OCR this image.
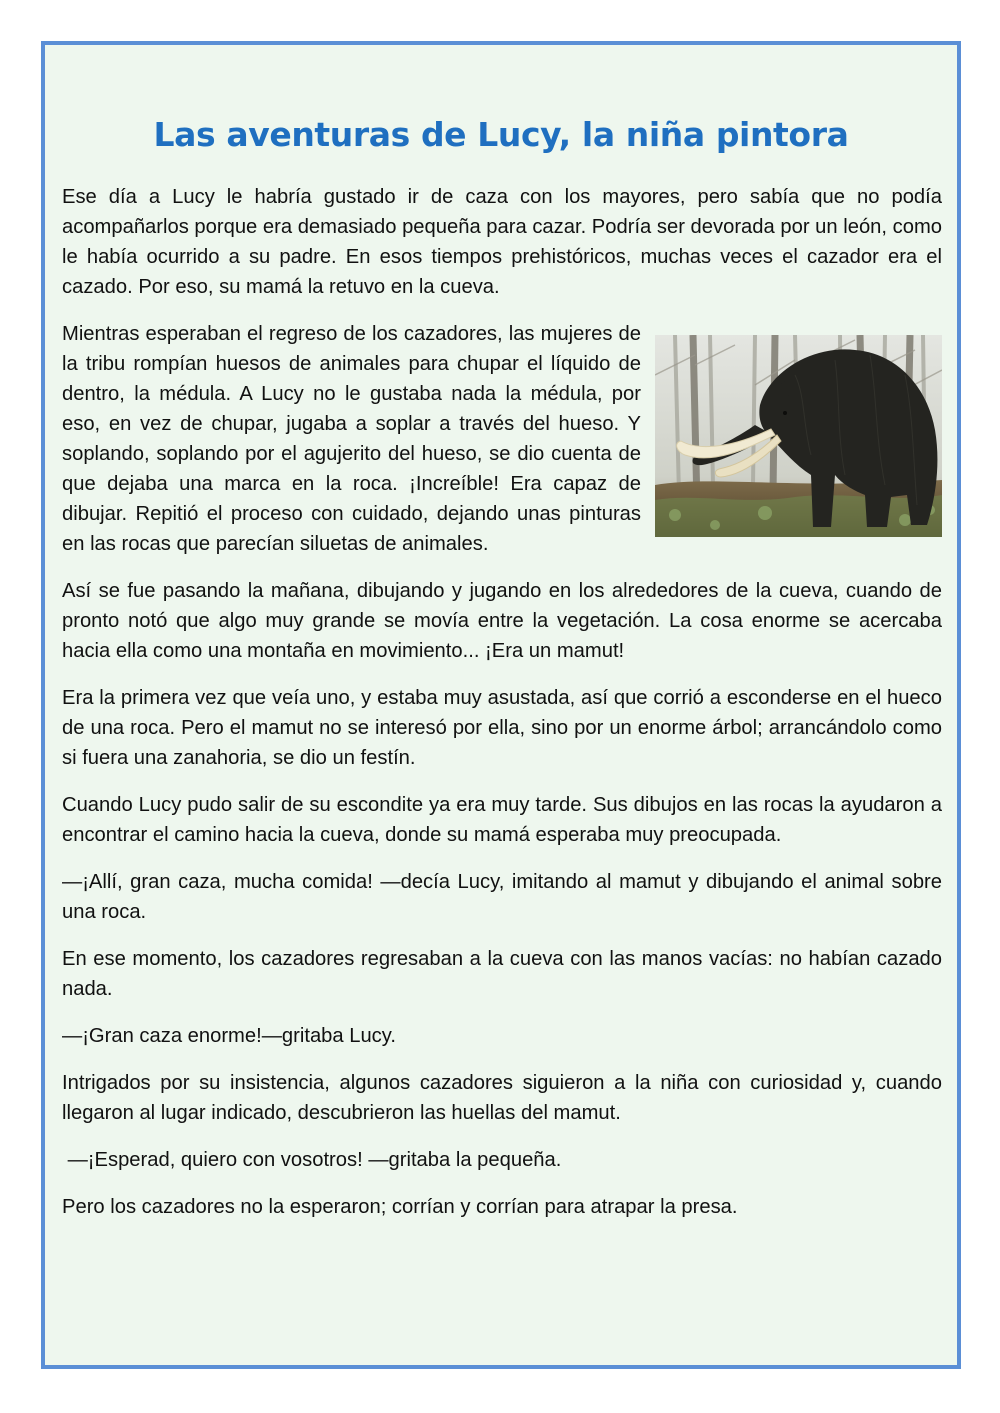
Las aventuras de Lucy, la niña pintora

Ese día a Lucy le habría gustado ir de caza con los mayores, pero sabía que no podía acompañarlos porque era demasiado pequeña para cazar. Podría ser devorada por un león, como le había ocurrido a su padre. En esos tiempos prehistóricos, muchas veces el cazador era el cazado. Por eso, su mamá la retuvo en la cueva.

Mientras esperaban el regreso de los cazadores, las mujeres de la tribu rompían huesos de animales para chupar el líquido de dentro, la médula. A Lucy no le gustaba nada la médula, por eso, en vez de chupar, jugaba a soplar a través del hueso. Y soplando, soplando por el agujerito del hueso, se dio cuenta de que dejaba una marca en la roca. ¡Increíble! Era capaz de dibujar. Repitió el proceso con cuidado, dejando unas pinturas en las rocas que parecían siluetas de animales.

Así se fue pasando la mañana, dibujando y jugando en los alrededores de la cueva, cuando de pronto notó que algo muy grande se movía entre la vegetación. La cosa enorme se acercaba hacia ella como una montaña en movimiento... ¡Era un mamut!

Era la primera vez que veía uno, y estaba muy asustada, así que corrió a esconderse en el hueco de una roca. Pero el mamut no se interesó por ella, sino por un enorme árbol; arrancándolo como si fuera una zanahoria, se dio un festín.

Cuando Lucy pudo salir de su escondite ya era muy tarde. Sus dibujos en las rocas la ayudaron a encontrar el camino hacia la cueva, donde su mamá esperaba muy preocupada.

—¡Allí, gran caza, mucha comida! —decía Lucy, imitando al mamut y dibujando el animal sobre una roca.

En ese momento, los cazadores regresaban a la cueva con las manos vacías: no habían cazado nada.

—¡Gran caza enorme!—gritaba Lucy.

Intrigados por su insistencia, algunos cazadores siguieron a la niña con curiosidad y, cuando llegaron al lugar indicado, descubrieron las huellas del mamut.

—¡Esperad, quiero con vosotros! —gritaba la pequeña.

Pero los cazadores no la esperaron; corrían y corrían para atrapar la presa.
